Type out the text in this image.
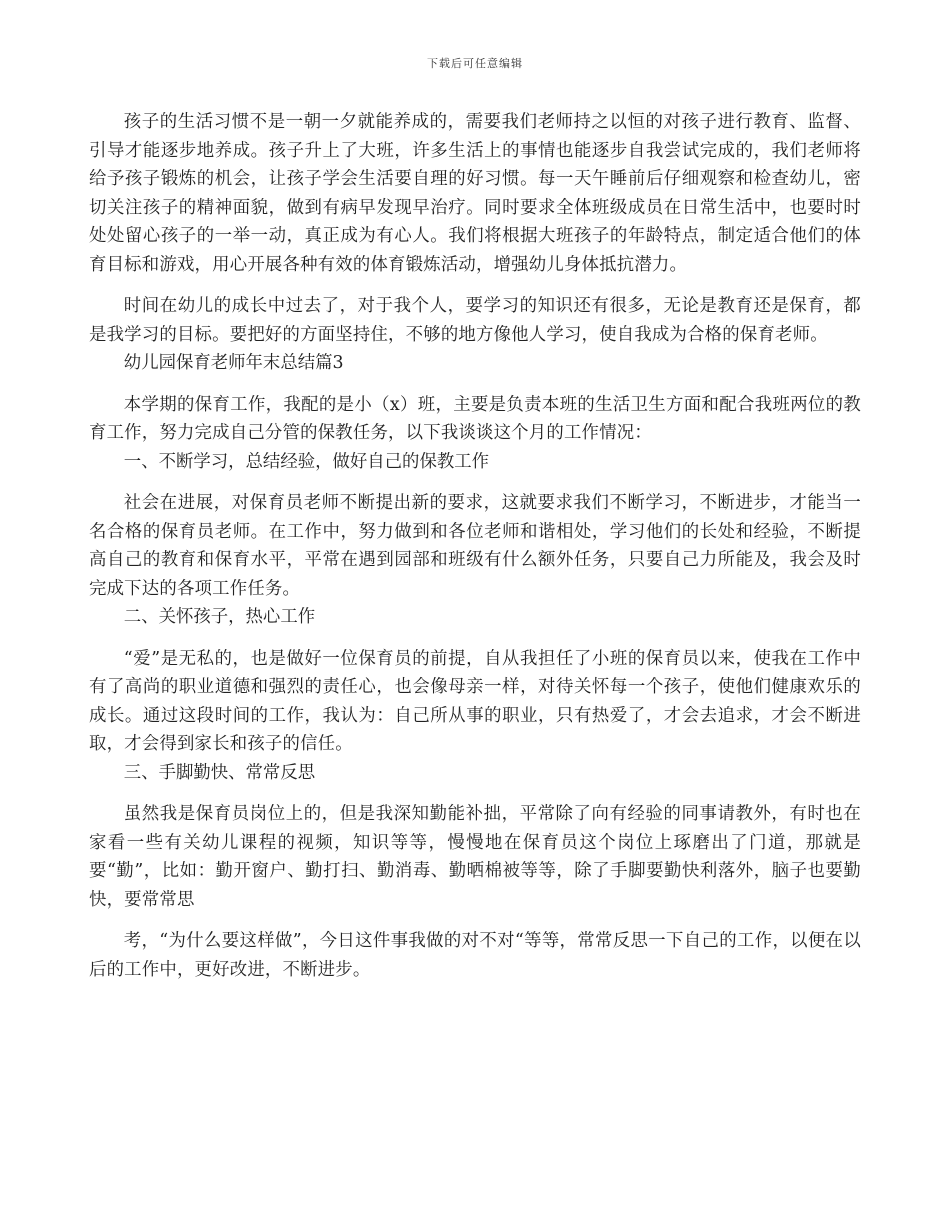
下载后可任意编辑

孩子的生活习惯不是一朝一夕就能养成的，需要我们老师持之以恒的对孩子进行教育、监督、引导才能逐步地养成。孩子升上了大班，许多生活上的事情也能逐步自我尝试完成的，我们老师将给予孩子锻炼的机会，让孩子学会生活要自理的好习惯。每一天午睡前后仔细观察和检查幼儿，密切关注孩子的精神面貌，做到有病早发现早治疗。同时要求全体班级成员在日常生活中，也要时时处处留心孩子的一举一动，真正成为有心人。我们将根据大班孩子的年龄特点，制定适合他们的体育目标和游戏，用心开展各种有效的体育锻炼活动，增强幼儿身体抵抗潜力。

时间在幼儿的成长中过去了，对于我个人，要学习的知识还有很多，无论是教育还是保育，都是我学习的目标。要把好的方面坚持住，不够的地方像他人学习，使自我成为合格的保育老师。

幼儿园保育老师年末总结篇3

本学期的保育工作，我配的是小（x）班，主要是负责本班的生活卫生方面和配合我班两位的教育工作，努力完成自己分管的保教任务，以下我谈谈这个月的工作情况：

一、不断学习，总结经验，做好自己的保教工作

社会在进展，对保育员老师不断提出新的要求，这就要求我们不断学习，不断进步，才能当一名合格的保育员老师。在工作中，努力做到和各位老师和谐相处，学习他们的长处和经验，不断提高自己的教育和保育水平，平常在遇到园部和班级有什么额外任务，只要自己力所能及，我会及时完成下达的各项工作任务。

二、关怀孩子，热心工作

“爱”是无私的，也是做好一位保育员的前提，自从我担任了小班的保育员以来，使我在工作中有了高尚的职业道德和强烈的责任心，也会像母亲一样，对待关怀每一个孩子，使他们健康欢乐的成长。通过这段时间的工作，我认为：自己所从事的职业，只有热爱了，才会去追求，才会不断进取，才会得到家长和孩子的信任。

三、手脚勤快、常常反思

虽然我是保育员岗位上的，但是我深知勤能补拙，平常除了向有经验的同事请教外，有时也在家看一些有关幼儿课程的视频，知识等等，慢慢地在保育员这个岗位上琢磨出了门道，那就是要“勤”，比如：勤开窗户、勤打扫、勤消毒、勤晒棉被等等，除了手脚要勤快利落外，脑子也要勤快，要常常思

考，“为什么要这样做”，今日这件事我做的对不对“等等，常常反思一下自己的工作，以便在以后的工作中，更好改进，不断进步。
